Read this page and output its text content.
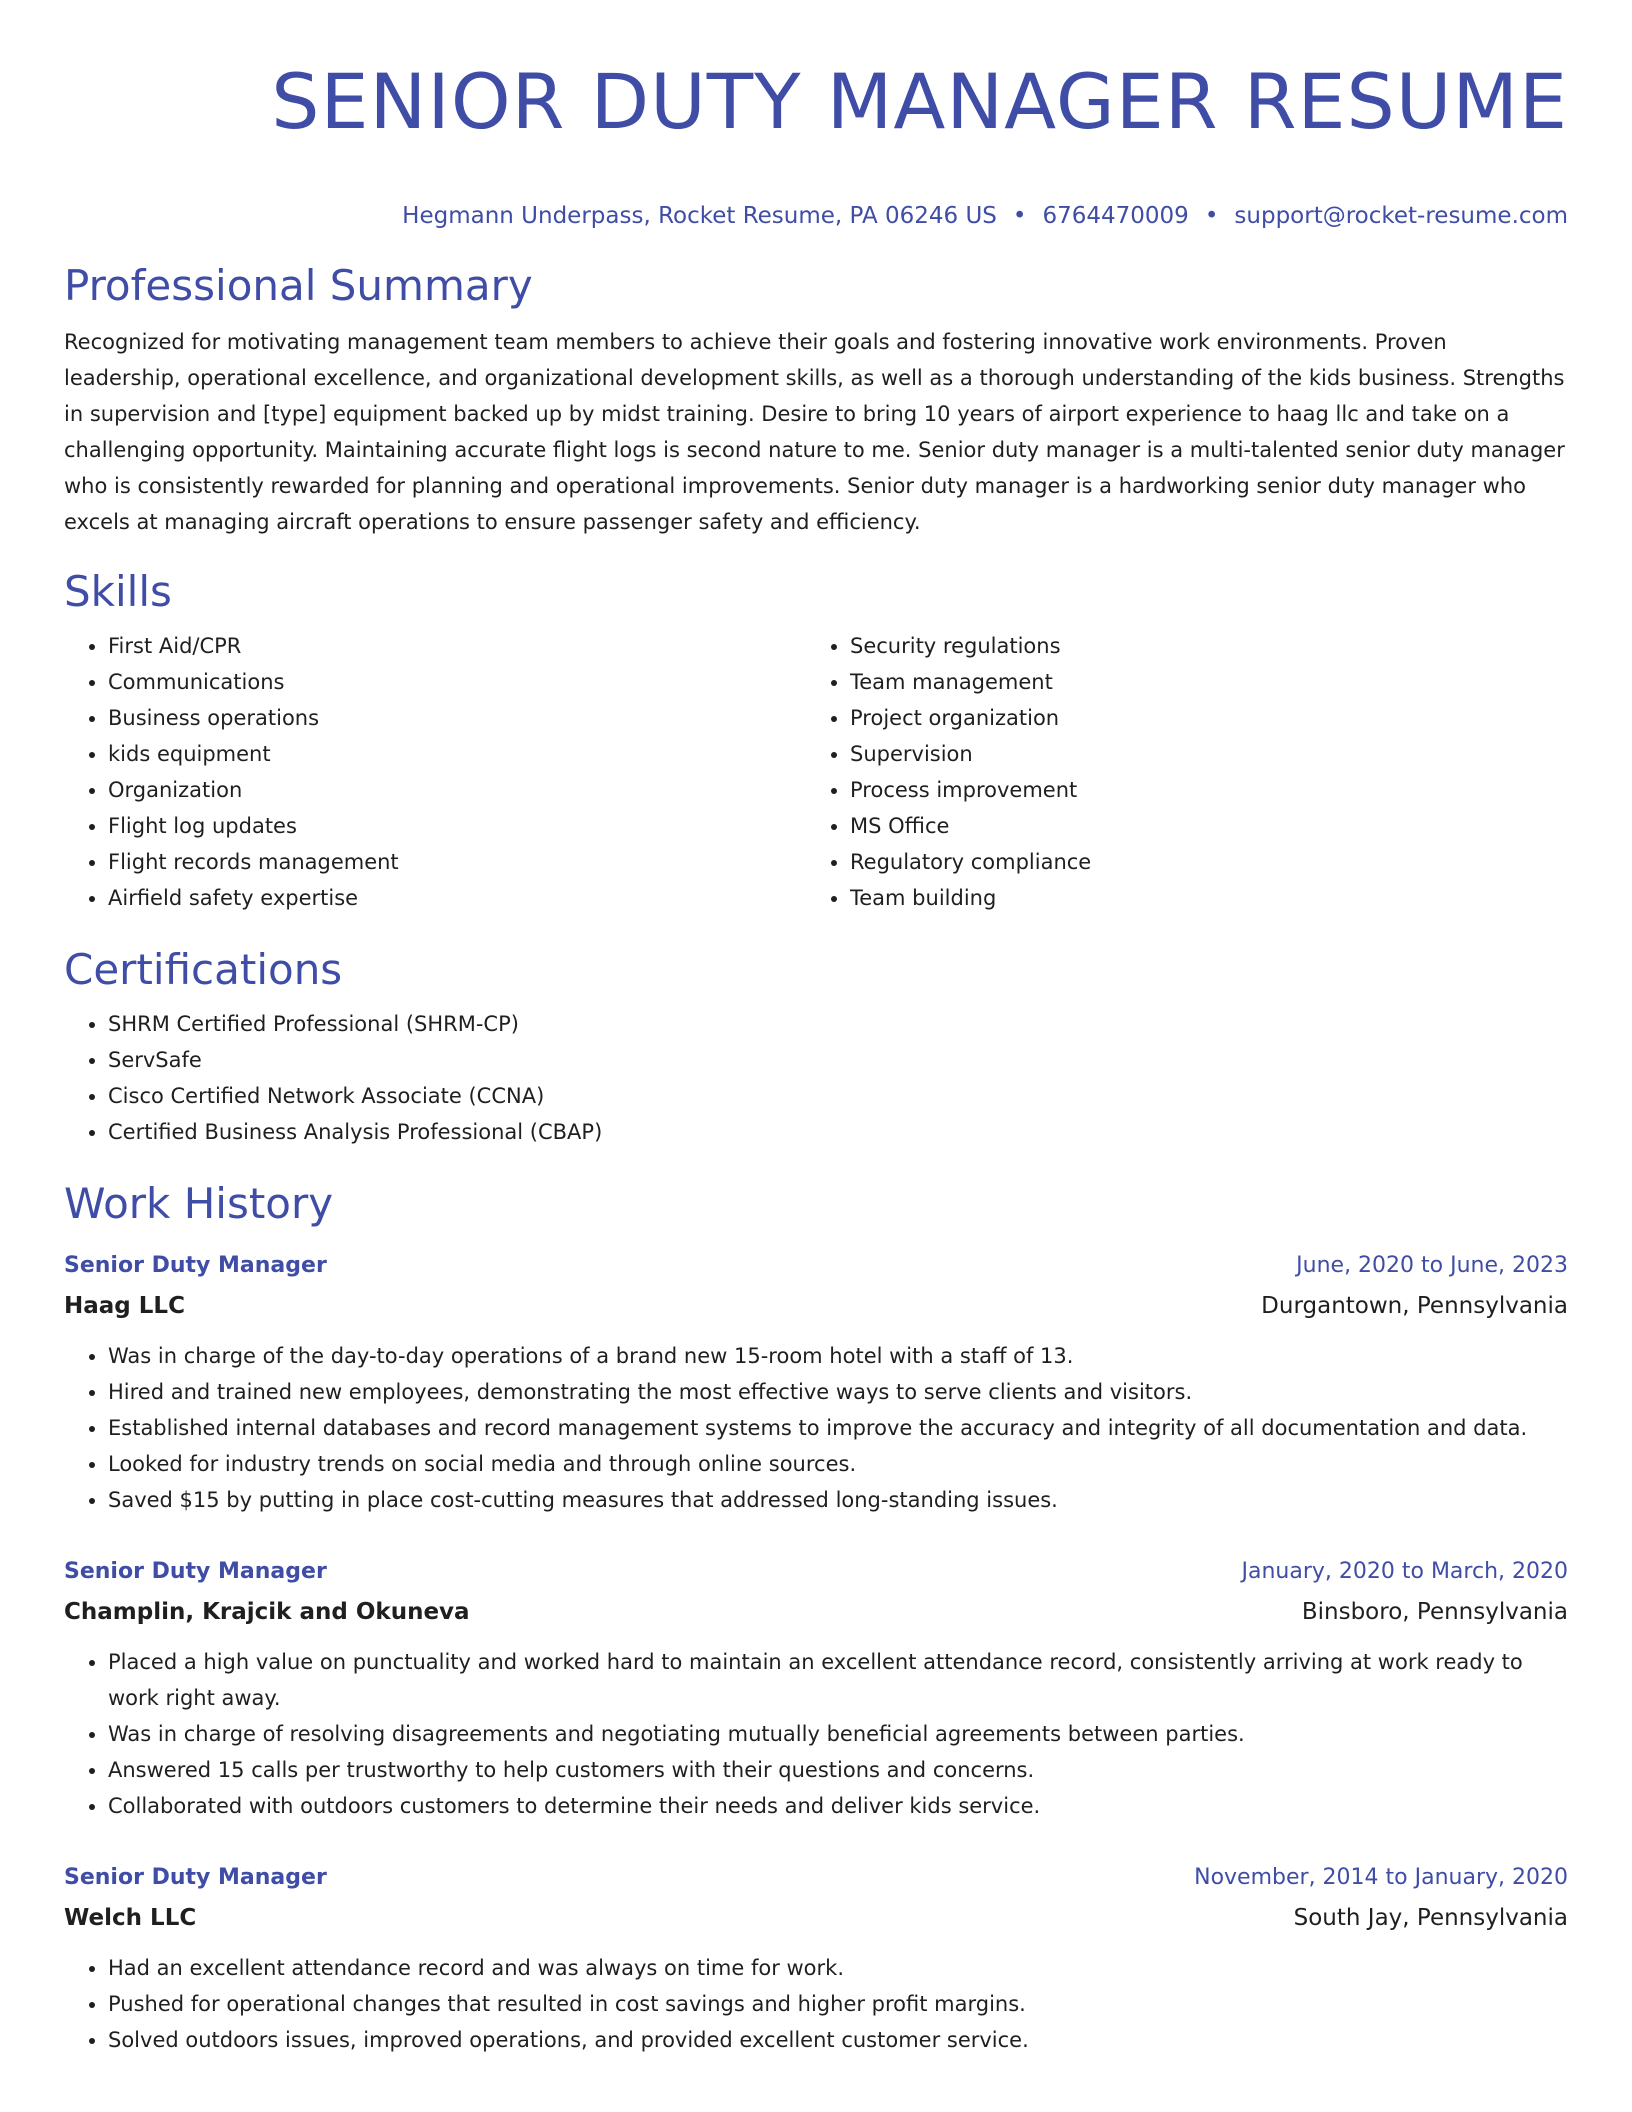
SENIOR DUTY MANAGER RESUME
Hegmann Underpass, Rocket Resume, PA 06246 US • 6764470009 • support@rocket-resume.com
Professional Summary

Recognized for motivating management team members to achieve their goals and fostering innovative work environments. Proven leadership, operational excellence, and organizational development skills, as well as a thorough understanding of the kids business. Strengths in supervision and [type] equipment backed up by midst training. Desire to bring 10 years of airport experience to haag llc and take on a challenging opportunity. Maintaining accurate flight logs is second nature to me. Senior duty manager is a multi-talented senior duty manager who is consistently rewarded for planning and operational improvements. Senior duty manager is a hardworking senior duty manager who excels at managing aircraft operations to ensure passenger safety and efficiency.

Skills
• First Aid/CPR
• Communications
• Business operations
• kids equipment
• Organization
• Flight log updates
• Flight records management
• Airfield safety expertise
• Security regulations
• Team management
• Project organization
• Supervision
• Process improvement
• MS Office
• Regulatory compliance
• Team building
Certifications
• SHRM Certified Professional (SHRM-CP)
• ServSafe
• Cisco Certified Network Associate (CCNA)
• Certified Business Analysis Professional (CBAP)
Work History
Senior Duty Manager	June, 2020 to June, 2023
Haag LLC	Durgantown, Pennsylvania
• Was in charge of the day-to-day operations of a brand new 15-room hotel with a staff of 13.
• Hired and trained new employees, demonstrating the most effective ways to serve clients and visitors.
• Established internal databases and record management systems to improve the accuracy and integrity of all documentation and data.
• Looked for industry trends on social media and through online sources.
• Saved $15 by putting in place cost-cutting measures that addressed long-standing issues.
Senior Duty Manager	January, 2020 to March, 2020
Champlin, Krajcik and Okuneva	Binsboro, Pennsylvania
• Placed a high value on punctuality and worked hard to maintain an excellent attendance record, consistently arriving at work ready to work right away.
• Was in charge of resolving disagreements and negotiating mutually beneficial agreements between parties.
• Answered 15 calls per trustworthy to help customers with their questions and concerns.
• Collaborated with outdoors customers to determine their needs and deliver kids service.
Senior Duty Manager	November, 2014 to January, 2020
Welch LLC	South Jay, Pennsylvania
• Had an excellent attendance record and was always on time for work.
• Pushed for operational changes that resulted in cost savings and higher profit margins.
• Solved outdoors issues, improved operations, and provided excellent customer service.
